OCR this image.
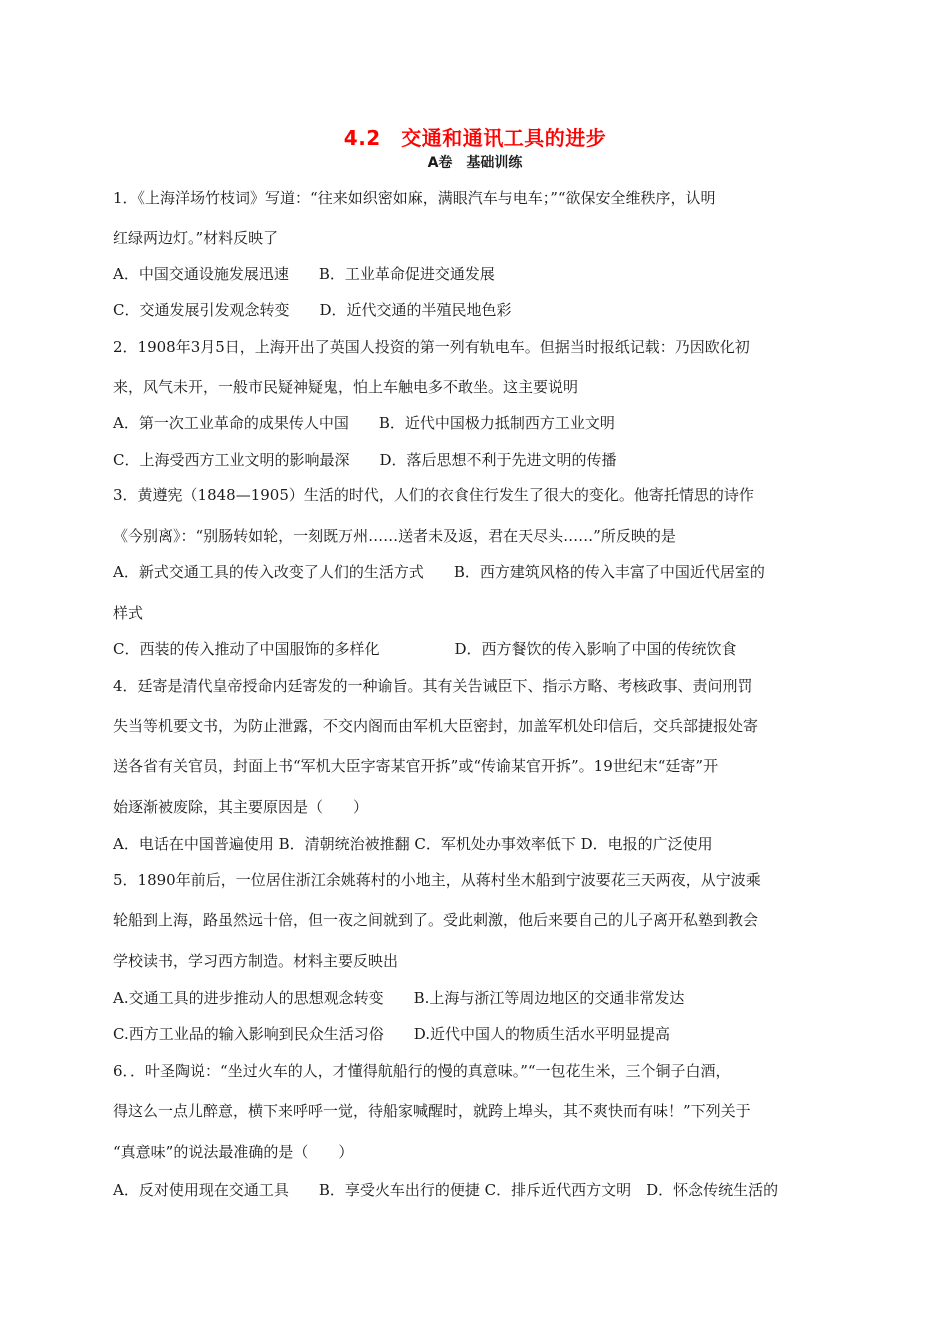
4.2　交通和通讯工具的进步
A卷　基础训练
1．《上海洋场竹枝词》写道：“往来如织密如麻，满眼汽车与电车；”“欲保安全维秩序，认明
红绿两边灯。”材料反映了
A．中国交通设施发展迅速　　B．工业革命促进交通发展
C．交通发展引发观念转变　　D．近代交通的半殖民地色彩
2．1908年3月5日，上海开出了英国人投资的第一列有轨电车。但据当时报纸记载：乃因欧化初
来，风气未开，一般市民疑神疑鬼，怕上车触电多不敢坐。这主要说明
A．第一次工业革命的成果传人中国　　B．近代中国极力抵制西方工业文明
C．上海受西方工业文明的影响最深　　D．落后思想不利于先进文明的传播
3．黄遵宪（1848—1905）生活的时代，人们的衣食住行发生了很大的变化。他寄托情思的诗作
《今别离》：“别肠转如轮，一刻既万州……送者未及返，君在天尽头……”所反映的是
A．新式交通工具的传入改变了人们的生活方式　　B．西方建筑风格的传入丰富了中国近代居室的
样式
C．西装的传入推动了中国服饰的多样化　　　　　D．西方餐饮的传入影响了中国的传统饮食
4．廷寄是清代皇帝授命内廷寄发的一种谕旨。其有关告诫臣下、指示方略、考核政事、责问刑罚
失当等机要文书，为防止泄露，不交内阁而由军机大臣密封，加盖军机处印信后，交兵部捷报处寄
送各省有关官员，封面上书“军机大臣字寄某官开拆”或“传谕某官开拆”。19世纪末“廷寄”开
始逐渐被废除，其主要原因是（　　）
A．电话在中国普遍使用 B．清朝统治被推翻 C．军机处办事效率低下 D．电报的广泛使用
5．1890年前后，一位居住浙江余姚蒋村的小地主，从蒋村坐木船到宁波要花三天两夜，从宁波乘
轮船到上海，路虽然远十倍，但一夜之间就到了。受此刺激，他后来要自己的儿子离开私塾到教会
学校读书，学习西方制造。材料主要反映出
A.交通工具的进步推动人的思想观念转变　　B.上海与浙江等周边地区的交通非常发达
C.西方工业品的输入影响到民众生活习俗　　D.近代中国人的物质生活水平明显提高
6．．叶圣陶说：“坐过火车的人，才懂得航船行的慢的真意味。”“一包花生米，三个铜子白酒，
得这么一点儿醉意，横下来呼呼一觉，待船家喊醒时，就跨上埠头，其不爽快而有味！”下列关于
“真意味”的说法最准确的是（　　）
A．反对使用现在交通工具　　B．享受火车出行的便捷 C．排斥近代西方文明　D．怀念传统生活的
